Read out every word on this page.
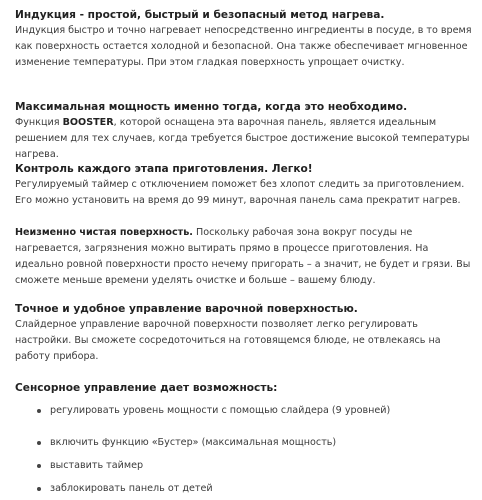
Индукция - простой, быстрый и безопасный метод нагрева.

Индукция быстро и точно нагревает непосредственно ингредиенты в посуде, в то время как поверхность остается холодной и безопасной. Она также обеспечивает мгновенное изменение температуры. При этом гладкая поверхность упрощает очистку.

Максимальная мощность именно тогда, когда это необходимо.

Функция BOOSTER, которой оснащена эта варочная панель, является идеальным решением для тех случаев, когда требуется быстрое достижение высокой температуры нагрева.

Контроль каждого этапа приготовления. Легко!

Регулируемый таймер с отключением поможет без хлопот следить за приготовлением. Его можно установить на время до 99 минут, варочная панель сама прекратит нагрев.

Неизменно чистая поверхность. Поскольку рабочая зона вокруг посуды не нагревается, загрязнения можно вытирать прямо в процессе приготовления. На идеально ровной поверхности просто нечему пригорать – а значит, не будет и грязи. Вы сможете меньше времени уделять очистке и больше – вашему блюду.

Точное и удобное управление варочной поверхностью.

Слайдерное управление варочной поверхности позволяет легко регулировать настройки. Вы сможете сосредоточиться на готовящемся блюде, не отвлекаясь на работу прибора.

Сенсорное управление дает возможность:
регулировать уровень мощности с помощью слайдера (9 уровней)
включить функцию «Бустер» (максимальная мощность)
выставить таймер
заблокировать панель от детей
